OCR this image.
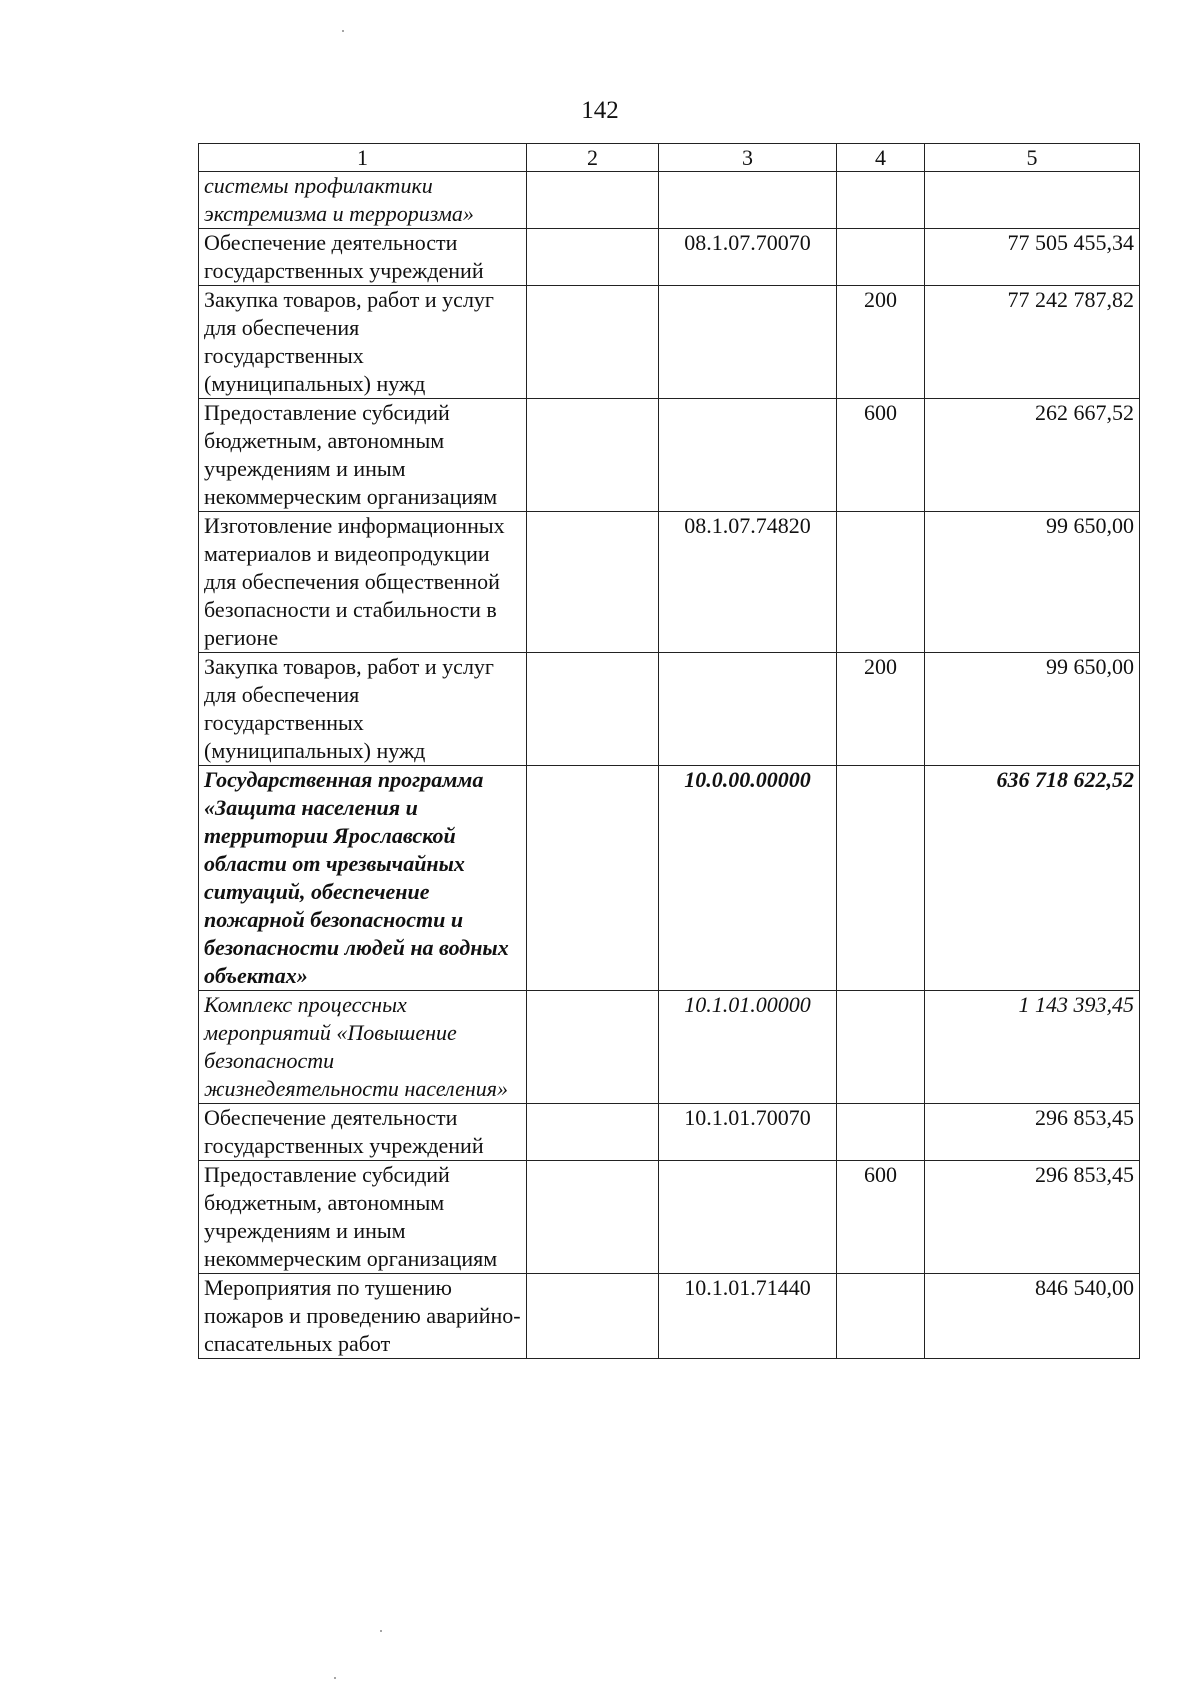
142
1	2	3	4	5
системы профилактики экстремизма и терроризма»				
Обеспечение деятельности государственных учреждений		08.1.07.70070		77 505 455,34
Закупка товаров, работ и услуг для обеспечения государственных (муниципальных) нужд			200	77 242 787,82
Предоставление субсидий бюджетным, автономным учреждениям и иным некоммерческим организациям			600	262 667,52
Изготовление информационных материалов и видеопродукции для обеспечения общественной безопасности и стабильности в регионе		08.1.07.74820		99 650,00
Закупка товаров, работ и услуг для обеспечения государственных (муниципальных) нужд			200	99 650,00
Государственная программа «Защита населения и территории Ярославской области от чрезвычайных ситуаций, обеспечение пожарной безопасности и безопасности людей на водных объектах»		10.0.00.00000		636 718 622,52
Комплекс процессных мероприятий «Повышение безопасности жизнедеятельности населения»		10.1.01.00000		1 143 393,45
Обеспечение деятельности государственных учреждений		10.1.01.70070		296 853,45
Предоставление субсидий бюджетным, автономным учреждениям и иным некоммерческим организациям			600	296 853,45
Мероприятия по тушению пожаров и проведению аварийно-спасательных работ		10.1.01.71440		846 540,00
